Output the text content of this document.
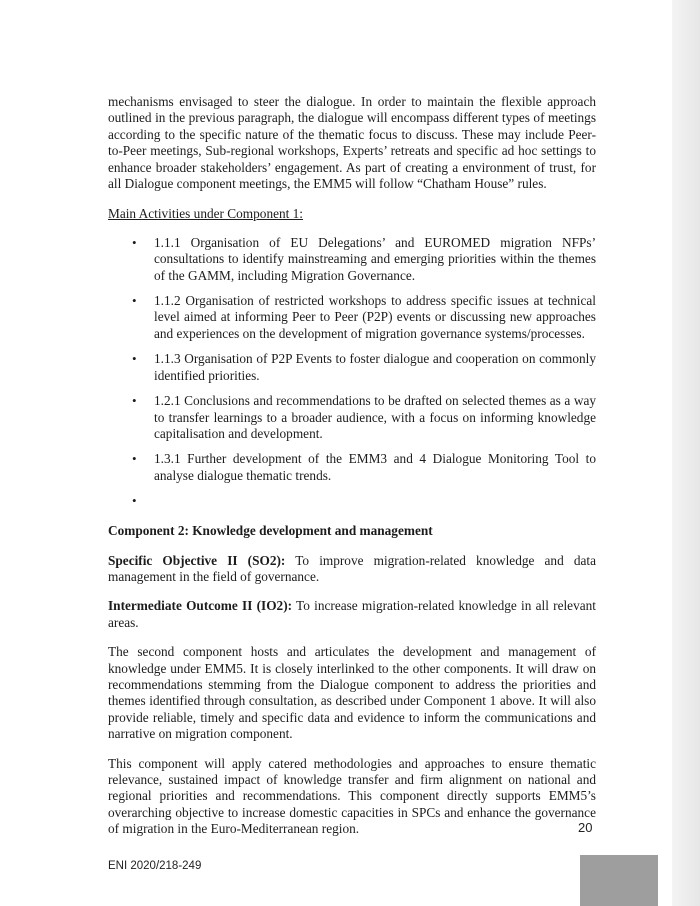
mechanisms envisaged to steer the dialogue. In order to maintain the flexible approach outlined in the previous paragraph, the dialogue will encompass different types of meetings according to the specific nature of the thematic focus to discuss. These may include Peer-to-Peer meetings, Sub-regional workshops, Experts’ retreats and specific ad hoc settings to enhance broader stakeholders’ engagement. As part of creating a environment of trust, for all Dialogue component meetings, the EMM5 will follow “Chatham House” rules.

Main Activities under Component 1:

• 1.1.1 Organisation of EU Delegations’ and EUROMED migration NFPs’ consultations to identify mainstreaming and emerging priorities within the themes of the GAMM, including Migration Governance.
• 1.1.2 Organisation of restricted workshops to address specific issues at technical level aimed at informing Peer to Peer (P2P) events or discussing new approaches and experiences on the development of migration governance systems/processes.
• 1.1.3 Organisation of P2P Events to foster dialogue and cooperation on commonly identified priorities.
• 1.2.1 Conclusions and recommendations to be drafted on selected themes as a way to transfer learnings to a broader audience, with a focus on informing knowledge capitalisation and development.
• 1.3.1 Further development of the EMM3 and 4 Dialogue Monitoring Tool to analyse dialogue thematic trends.
•

Component 2: Knowledge development and management

Specific Objective II (SO2): To improve migration-related knowledge and data management in the field of governance.

Intermediate Outcome II (IO2): To increase migration-related knowledge in all relevant areas.

The second component hosts and articulates the development and management of knowledge under EMM5. It is closely interlinked to the other components. It will draw on recommendations stemming from the Dialogue component to address the priorities and themes identified through consultation, as described under Component 1 above. It will also provide reliable, timely and specific data and evidence to inform the communications and narrative on migration component.

This component will apply catered methodologies and approaches to ensure thematic relevance, sustained impact of knowledge transfer and firm alignment on national and regional priorities and recommendations. This component directly supports EMM5’s overarching objective to increase domestic capacities in SPCs and enhance the governance of migration in the Euro-Mediterranean region.	20
ENI 2020/218-249
